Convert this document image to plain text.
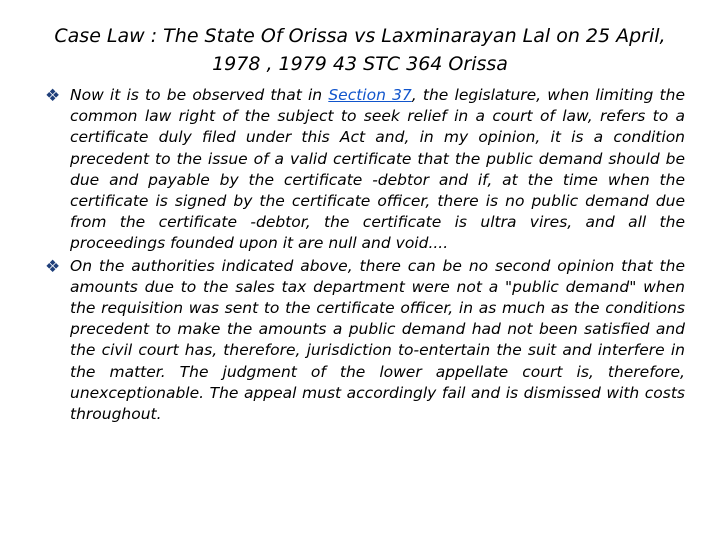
Case Law : The State Of Orissa vs Laxminarayan Lal on 25 April,
1978 , 1979 43 STC 364 Orissa
❖ Now it is to be observed that in Section 37, the legislature, when limiting the common law right of the subject to seek relief in a court of law, refers to a certificate duly filed under this Act and, in my opinion, it is a condition precedent to the issue of a valid certificate that the public demand should be due and payable by the certificate -debtor and if, at the time when the certificate is signed by the certificate officer, there is no public demand due from the certificate -debtor, the certificate is ultra vires, and all the proceedings founded upon it are null and void....
❖ On the authorities indicated above, there can be no second opinion that the amounts due to the sales tax department were not a "public demand" when the requisition was sent to the certificate officer, in as much as the conditions precedent to make the amounts a public demand had not been satisfied and the civil court has, therefore, jurisdiction to-entertain the suit and interfere in the matter. The judgment of the lower appellate court is, therefore, unexceptionable. The appeal must accordingly fail and is dismissed with costs throughout.
